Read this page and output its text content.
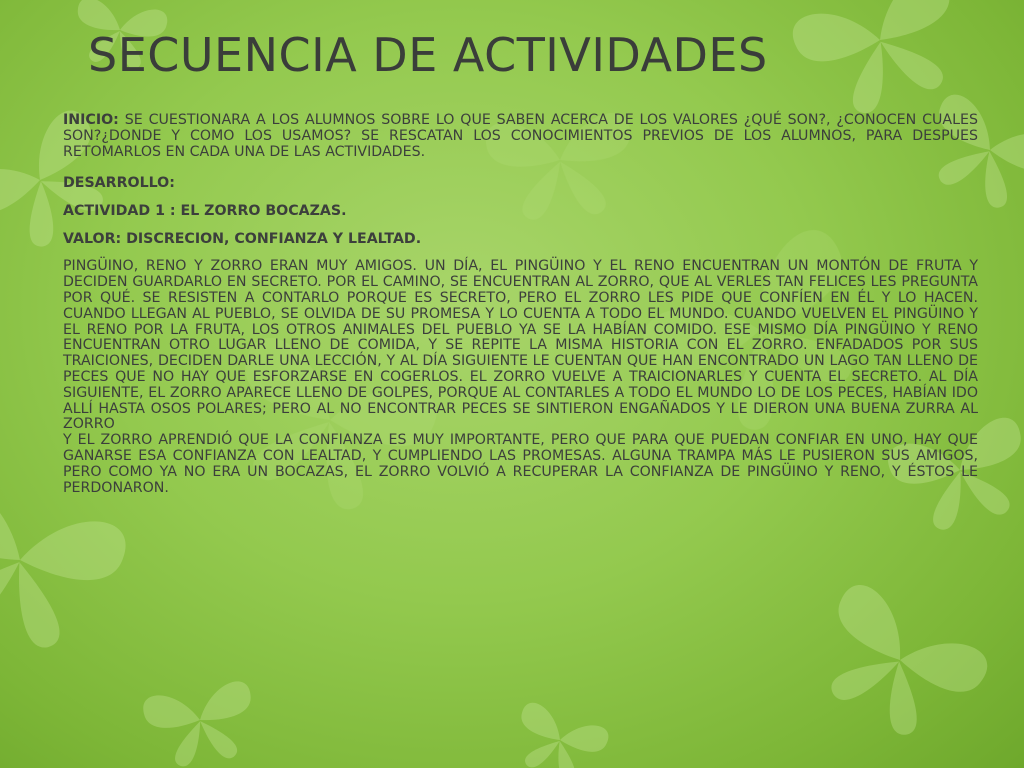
SECUENCIA DE ACTIVIDADES

INICIO: SE CUESTIONARA A LOS ALUMNOS SOBRE LO QUE SABEN ACERCA DE LOS VALORES ¿QUÉ SON?, ¿CONOCEN CUALES SON?¿DONDE Y COMO LOS USAMOS? SE RESCATAN LOS CONOCIMIENTOS PREVIOS DE LOS ALUMNOS, PARA DESPUES RETOMARLOS EN CADA UNA DE LAS ACTIVIDADES.

DESARROLLO:

ACTIVIDAD 1 : EL ZORRO BOCAZAS.

VALOR: DISCRECION, CONFIANZA Y LEALTAD.

PINGÜINO, RENO Y ZORRO ERAN MUY AMIGOS. UN DÍA, EL PINGÜINO Y EL RENO ENCUENTRAN UN MONTÓN DE FRUTA Y DECIDEN GUARDARLO EN SECRETO. POR EL CAMINO, SE ENCUENTRAN AL ZORRO, QUE AL VERLES TAN FELICES LES PREGUNTA POR QUÉ. SE RESISTEN A CONTARLO PORQUE ES SECRETO, PERO EL ZORRO LES PIDE QUE CONFÍEN EN ÉL Y LO HACEN. CUANDO LLEGAN AL PUEBLO, SE OLVIDA DE SU PROMESA Y LO CUENTA A TODO EL MUNDO. CUANDO VUELVEN EL PINGÜINO Y EL RENO POR LA FRUTA, LOS OTROS ANIMALES DEL PUEBLO YA SE LA HABÍAN COMIDO. ESE MISMO DÍA PINGÜINO Y RENO ENCUENTRAN OTRO LUGAR LLENO DE COMIDA, Y SE REPITE LA MISMA HISTORIA CON EL ZORRO. ENFADADOS POR SUS TRAICIONES, DECIDEN DARLE UNA LECCIÓN, Y AL DÍA SIGUIENTE LE CUENTAN QUE HAN ENCONTRADO UN LAGO TAN LLENO DE PECES QUE NO HAY QUE ESFORZARSE EN COGERLOS. EL ZORRO VUELVE A TRAICIONARLES Y CUENTA EL SECRETO. AL DÍA SIGUIENTE, EL ZORRO APARECE LLENO DE GOLPES, PORQUE AL CONTARLES A TODO EL MUNDO LO DE LOS PECES, HABÍAN IDO ALLÍ HASTA OSOS POLARES; PERO AL NO ENCONTRAR PECES SE SINTIERON ENGAÑADOS Y LE DIERON UNA BUENA ZURRA AL ZORRO
Y EL ZORRO APRENDIÓ QUE LA CONFIANZA ES MUY IMPORTANTE, PERO QUE PARA QUE PUEDAN CONFIAR EN UNO, HAY QUE GANARSE ESA CONFIANZA CON LEALTAD, Y CUMPLIENDO LAS PROMESAS. ALGUNA TRAMPA MÁS LE PUSIERON SUS AMIGOS, PERO COMO YA NO ERA UN BOCAZAS, EL ZORRO VOLVIÓ A RECUPERAR LA CONFIANZA DE PINGÜINO Y RENO, Y ÉSTOS LE PERDONARON.
